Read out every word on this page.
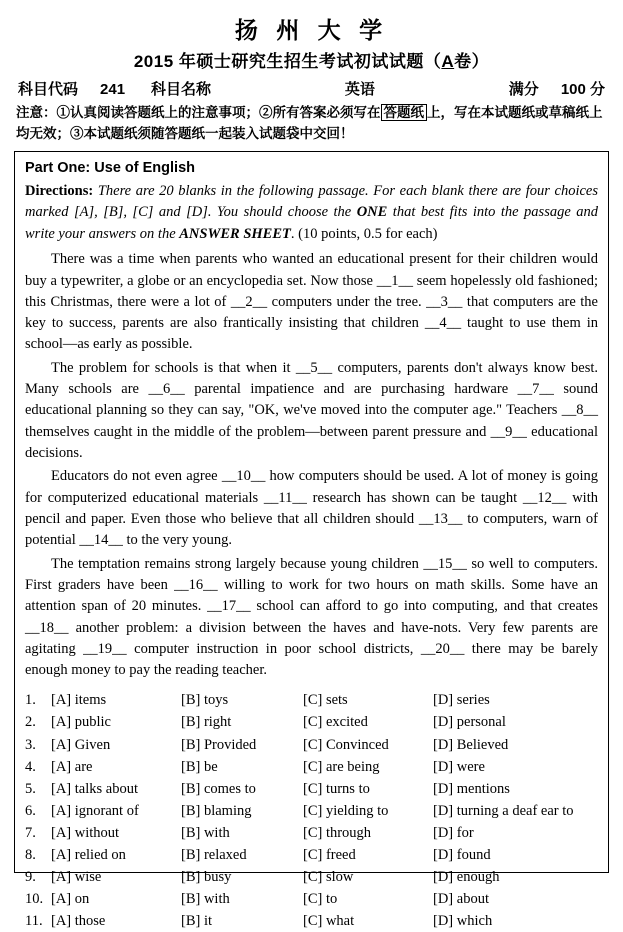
扬 州 大 学
2015 年硕士研究生招生考试初试试题（A卷）
科目代码 241 科目名称	英语	满分 100 分
注意：①认真阅读答题纸上的注意事项；②所有答案必须写在 答题纸 上，写在本试题纸或草稿纸上
均无效；③本试题纸须随答题纸一起装入试题袋中交回！
Part One: Use of English
Directions: There are 20 blanks in the following passage. For each blank there are four choices marked [A], [B], [C] and [D]. You should choose the ONE that best fits into the passage and write your answers on the ANSWER SHEET. (10 points, 0.5 for each)

There was a time when parents who wanted an educational present for their children would buy a typewriter, a globe or an encyclopedia set. Now those __1__ seem hopelessly old fashioned; this Christmas, there were a lot of __2__ computers under the tree. __3__ that computers are the key to success, parents are also frantically insisting that children __4__ taught to use them in school—as early as possible.

The problem for schools is that when it __5__ computers, parents don't always know best. Many schools are __6__ parental impatience and are purchasing hardware __7__ sound educational planning so they can say, "OK, we've moved into the computer age." Teachers __8__ themselves caught in the middle of the problem—between parent pressure and __9__ educational decisions.

Educators do not even agree __10__ how computers should be used. A lot of money is going for computerized educational materials __11__ research has shown can be taught __12__ with pencil and paper. Even those who believe that all children should __13__ to computers, warn of potential __14__ to the very young.

The temptation remains strong largely because young children __15__ so well to computers. First graders have been __16__ willing to work for two hours on math skills. Some have an attention span of 20 minutes. __17__ school can afford to go into computing, and that creates __18__ another problem: a division between the haves and have-nots. Very few parents are agitating __19__ computer instruction in poor school districts, __20__ there may be barely enough money to pay the reading teacher.

1.	[A] items	[B] toys	[C] sets	[D] series
2.	[A] public	[B] right	[C] excited	[D] personal
3.	[A] Given	[B] Provided	[C] Convinced	[D] Believed
4.	[A] are	[B] be	[C] are being	[D] were
5.	[A] talks about	[B] comes to	[C] turns to	[D] mentions
6.	[A] ignorant of	[B] blaming	[C] yielding to	[D] turning a deaf ear to
7.	[A] without	[B] with	[C] through	[D] for
8.	[A] relied on	[B] relaxed	[C] freed	[D] found
9.	[A] wise	[B] busy	[C] slow	[D] enough
10. [A] on	[B] with	[C] to	[D] about
11. [A] those	[B] it	[C] what	[D] which
